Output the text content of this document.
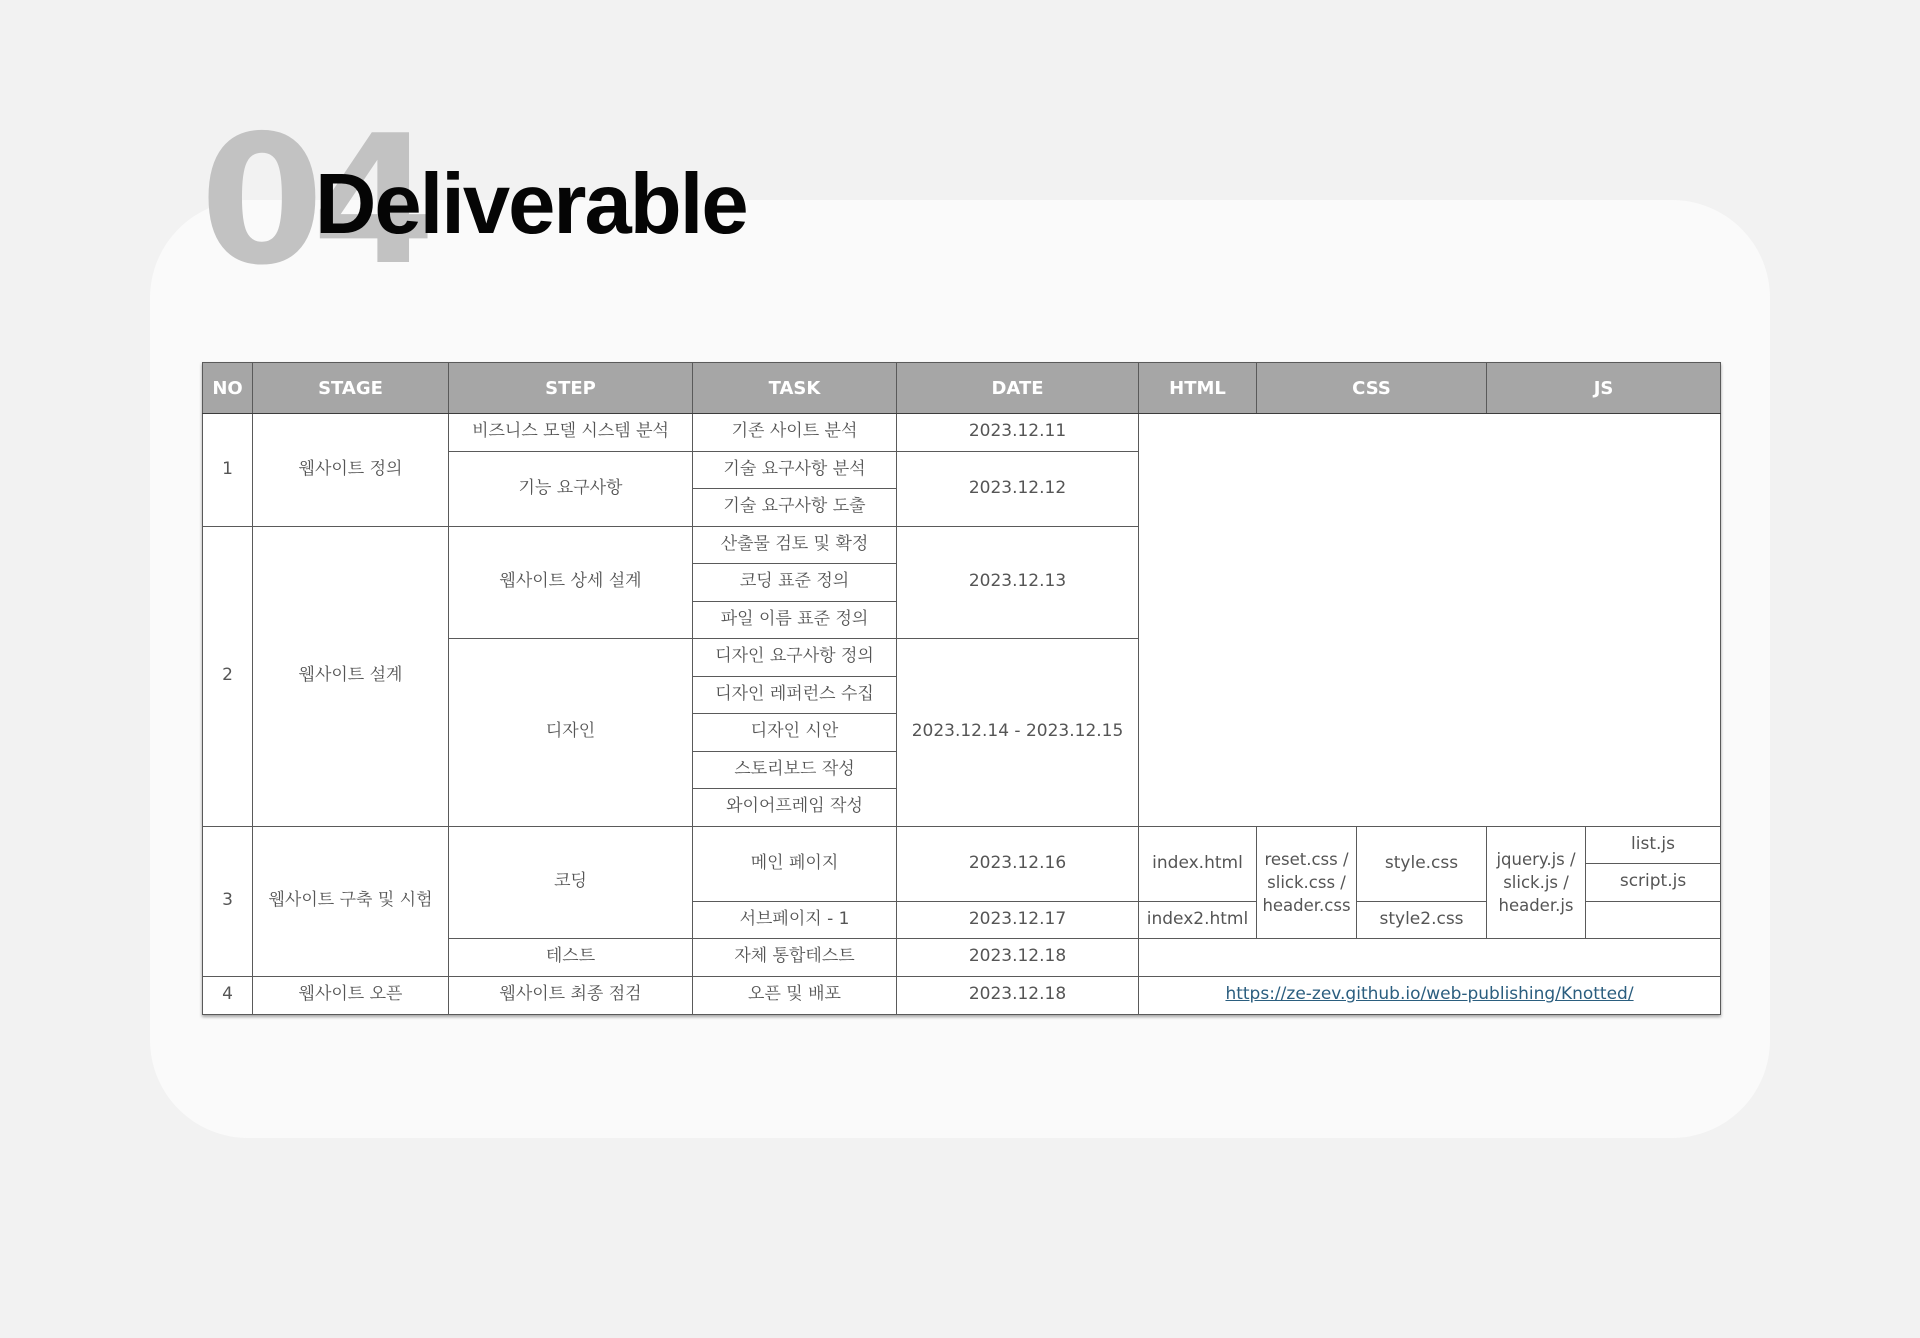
04
Deliverable
NO	STAGE	STEP	TASK	DATE	HTML	CSS		JS	
1	웹사이트 정의	비즈니스 모델 시스템 분석	기존 사이트 분석	2023.12.11					
		기능 요구사항	기술 요구사항 분석	2023.12.12					
			기술 요구사항 도출						
2	웹사이트 설계	웹사이트 상세 설계	산출물 검토 및 확정	2023.12.13					
			코딩 표준 정의						
			파일 이름 표준 정의						
		디자인	디자인 요구사항 정의	2023.12.14 - 2023.12.15					
			디자인 레퍼런스 수집						
			디자인 시안						
			스토리보드 작성						
			와이어프레임 작성						
3	웹사이트 구축 및 시험	코딩	메인 페이지	2023.12.16	index.html	reset.css / slick.css / header.css	style.css	jquery.js / slick.js / header.js	list.js
									script.js
			서브페이지 - 1	2023.12.17	index2.html		style2.css		
		테스트	자체 통합테스트	2023.12.18					
4	웹사이트 오픈	웹사이트 최종 점검	오픈 및 배포	2023.12.18	https://ze-zev.github.io/web-publishing/Knotted/				
